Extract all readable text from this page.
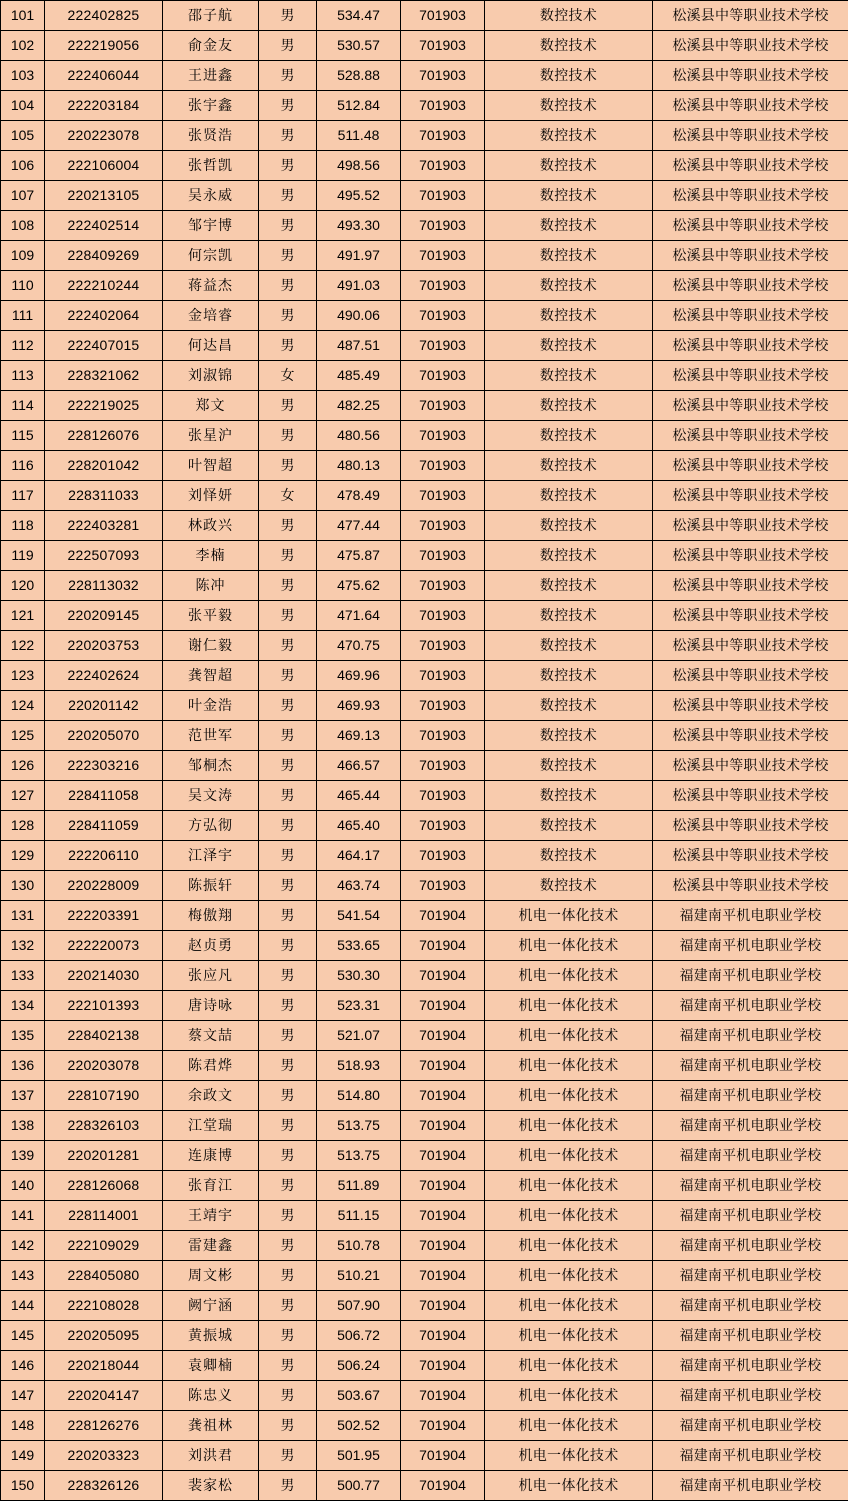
101	222402825	邵子航	男	534.47	701903	数控技术	松溪县中等职业技术学校
102	222219056	俞金友	男	530.57	701903	数控技术	松溪县中等职业技术学校
103	222406044	王进鑫	男	528.88	701903	数控技术	松溪县中等职业技术学校
104	222203184	张宇鑫	男	512.84	701903	数控技术	松溪县中等职业技术学校
105	220223078	张贤浩	男	511.48	701903	数控技术	松溪县中等职业技术学校
106	222106004	张哲凯	男	498.56	701903	数控技术	松溪县中等职业技术学校
107	220213105	吴永威	男	495.52	701903	数控技术	松溪县中等职业技术学校
108	222402514	邹宇博	男	493.30	701903	数控技术	松溪县中等职业技术学校
109	228409269	何宗凯	男	491.97	701903	数控技术	松溪县中等职业技术学校
110	222210244	蒋益杰	男	491.03	701903	数控技术	松溪县中等职业技术学校
111	222402064	金培睿	男	490.06	701903	数控技术	松溪县中等职业技术学校
112	222407015	何达昌	男	487.51	701903	数控技术	松溪县中等职业技术学校
113	228321062	刘淑锦	女	485.49	701903	数控技术	松溪县中等职业技术学校
114	222219025	郑文	男	482.25	701903	数控技术	松溪县中等职业技术学校
115	228126076	张星沪	男	480.56	701903	数控技术	松溪县中等职业技术学校
116	228201042	叶智超	男	480.13	701903	数控技术	松溪县中等职业技术学校
117	228311033	刘怿妍	女	478.49	701903	数控技术	松溪县中等职业技术学校
118	222403281	林政兴	男	477.44	701903	数控技术	松溪县中等职业技术学校
119	222507093	李楠	男	475.87	701903	数控技术	松溪县中等职业技术学校
120	228113032	陈冲	男	475.62	701903	数控技术	松溪县中等职业技术学校
121	220209145	张平毅	男	471.64	701903	数控技术	松溪县中等职业技术学校
122	220203753	谢仁毅	男	470.75	701903	数控技术	松溪县中等职业技术学校
123	222402624	龚智超	男	469.96	701903	数控技术	松溪县中等职业技术学校
124	220201142	叶金浩	男	469.93	701903	数控技术	松溪县中等职业技术学校
125	220205070	范世军	男	469.13	701903	数控技术	松溪县中等职业技术学校
126	222303216	邹桐杰	男	466.57	701903	数控技术	松溪县中等职业技术学校
127	228411058	吴文涛	男	465.44	701903	数控技术	松溪县中等职业技术学校
128	228411059	方弘彻	男	465.40	701903	数控技术	松溪县中等职业技术学校
129	222206110	江泽宇	男	464.17	701903	数控技术	松溪县中等职业技术学校
130	220228009	陈振轩	男	463.74	701903	数控技术	松溪县中等职业技术学校
131	222203391	梅傲翔	男	541.54	701904	机电一体化技术	福建南平机电职业学校
132	222220073	赵贞勇	男	533.65	701904	机电一体化技术	福建南平机电职业学校
133	220214030	张应凡	男	530.30	701904	机电一体化技术	福建南平机电职业学校
134	222101393	唐诗咏	男	523.31	701904	机电一体化技术	福建南平机电职业学校
135	228402138	蔡文喆	男	521.07	701904	机电一体化技术	福建南平机电职业学校
136	220203078	陈君烨	男	518.93	701904	机电一体化技术	福建南平机电职业学校
137	228107190	余政文	男	514.80	701904	机电一体化技术	福建南平机电职业学校
138	228326103	江堂瑞	男	513.75	701904	机电一体化技术	福建南平机电职业学校
139	220201281	连康博	男	513.75	701904	机电一体化技术	福建南平机电职业学校
140	228126068	张育江	男	511.89	701904	机电一体化技术	福建南平机电职业学校
141	228114001	王靖宇	男	511.15	701904	机电一体化技术	福建南平机电职业学校
142	222109029	雷建鑫	男	510.78	701904	机电一体化技术	福建南平机电职业学校
143	228405080	周文彬	男	510.21	701904	机电一体化技术	福建南平机电职业学校
144	222108028	阙宁涵	男	507.90	701904	机电一体化技术	福建南平机电职业学校
145	220205095	黄振城	男	506.72	701904	机电一体化技术	福建南平机电职业学校
146	220218044	袁卿楠	男	506.24	701904	机电一体化技术	福建南平机电职业学校
147	220204147	陈忠义	男	503.67	701904	机电一体化技术	福建南平机电职业学校
148	228126276	龚祖林	男	502.52	701904	机电一体化技术	福建南平机电职业学校
149	220203323	刘洪君	男	501.95	701904	机电一体化技术	福建南平机电职业学校
150	228326126	裴家松	男	500.77	701904	机电一体化技术	福建南平机电职业学校
